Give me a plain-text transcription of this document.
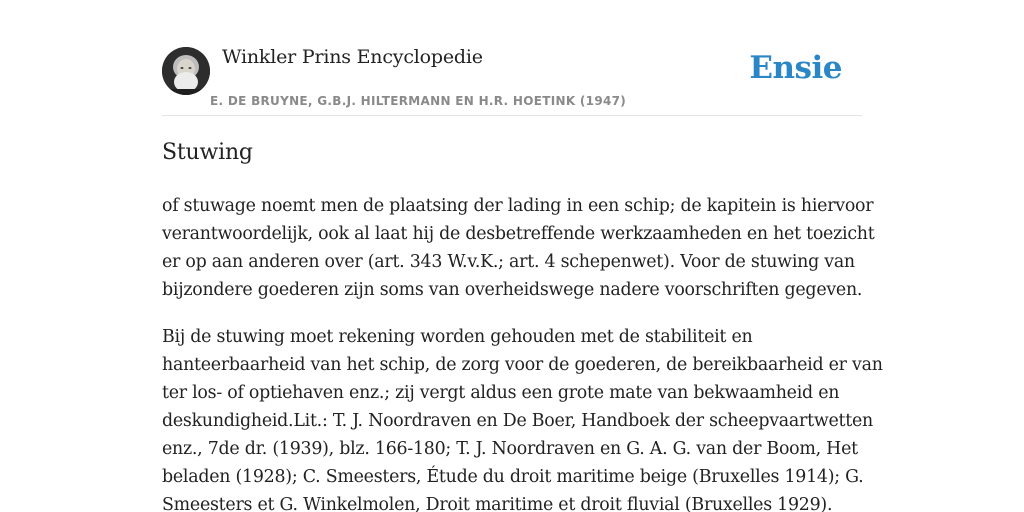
Winkler Prins Encyclopedie
E. DE BRUYNE, G.B.J. HILTERMANN EN H.R. HOETINK (1947)
Ensie
Stuwing

of stuwage noemt men de plaatsing der lading in een schip; de kapitein is hiervoor
verantwoordelijk, ook al laat hij de desbetreffende werkzaamheden en het toezicht
er op aan anderen over (art. 343 W.v.K.; art. 4 schepenwet). Voor de stuwing van
bijzondere goederen zijn soms van overheidswege nadere voorschriften gegeven.

Bij de stuwing moet rekening worden gehouden met de stabiliteit en
hanteerbaarheid van het schip, de zorg voor de goederen, de bereikbaarheid er van
ter los- of optiehaven enz.; zij vergt aldus een grote mate van bekwaamheid en
deskundigheid.Lit.: T. J. Noordraven en De Boer, Handboek der scheepvaartwetten
enz., 7de dr. (1939), blz. 166-180; T. J. Noordraven en G. A. G. van der Boom, Het
beladen (1928); C. Smeesters, Étude du droit maritime beige (Bruxelles 1914); G.
Smeesters et G. Winkelmolen, Droit maritime et droit fluvial (Bruxelles 1929).
